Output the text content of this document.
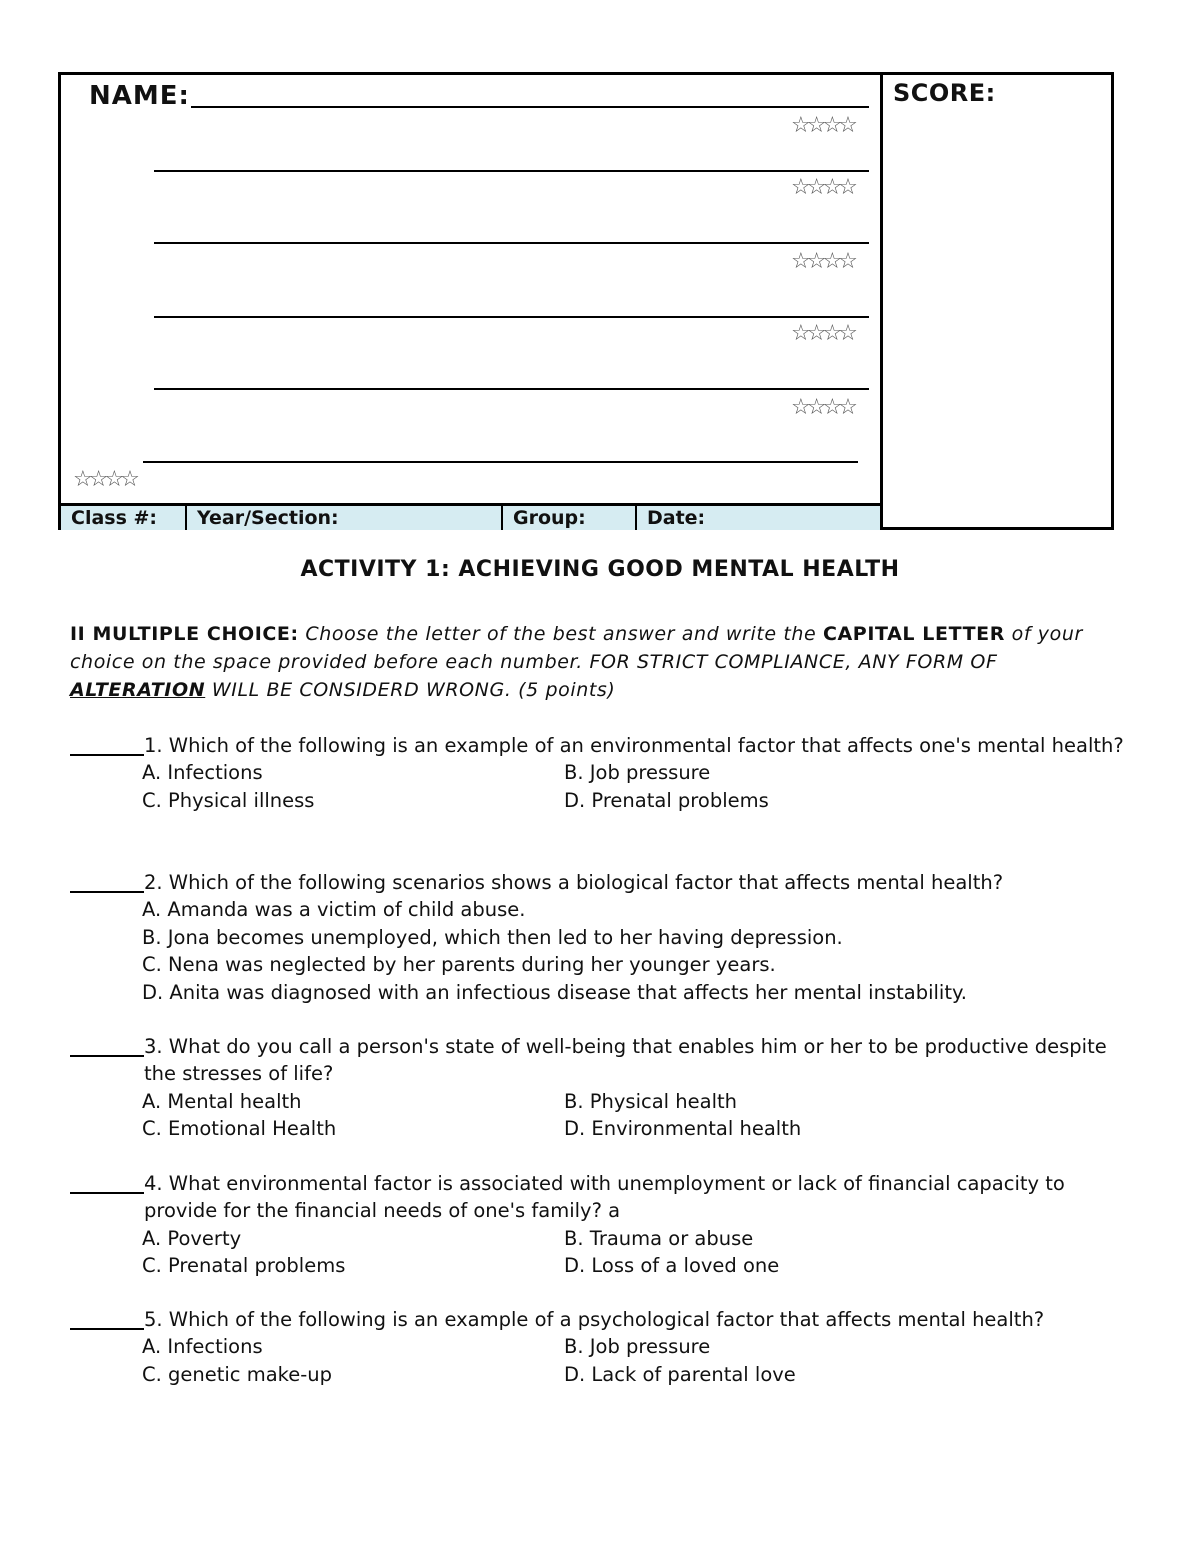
NAME:
☆☆☆☆
☆☆☆☆
☆☆☆☆
☆☆☆☆
☆☆☆☆
☆☆☆☆
Class #:	Year/Section:	Group:	Date:
SCORE:
ACTIVITY 1: ACHIEVING GOOD MENTAL HEALTH
II MULTIPLE CHOICE: Choose the letter of the best answer and write the CAPITAL LETTER of your choice on the space provided before each number. FOR STRICT COMPLIANCE, ANY FORM OF ALTERATION WILL BE CONSIDERD WRONG. (5 points)
1. Which of the following is an example of an environmental factor that affects one's mental health?
A. Infections	B. Job pressure
C. Physical illness	D. Prenatal problems
2. Which of the following scenarios shows a biological factor that affects mental health?
A. Amanda was a victim of child abuse.
B. Jona becomes unemployed, which then led to her having depression.
C. Nena was neglected by her parents during her younger years.
D. Anita was diagnosed with an infectious disease that affects her mental instability.
3. What do you call a person's state of well-being that enables him or her to be productive despite the stresses of life?
A. Mental health	B. Physical health
C. Emotional Health	D. Environmental health
4. What environmental factor is associated with unemployment or lack of financial capacity to provide for the financial needs of one's family? a
A. Poverty	B. Trauma or abuse
C. Prenatal problems	D. Loss of a loved one
5. Which of the following is an example of a psychological factor that affects mental health?
A. Infections	B. Job pressure
C. genetic make-up	D. Lack of parental love
